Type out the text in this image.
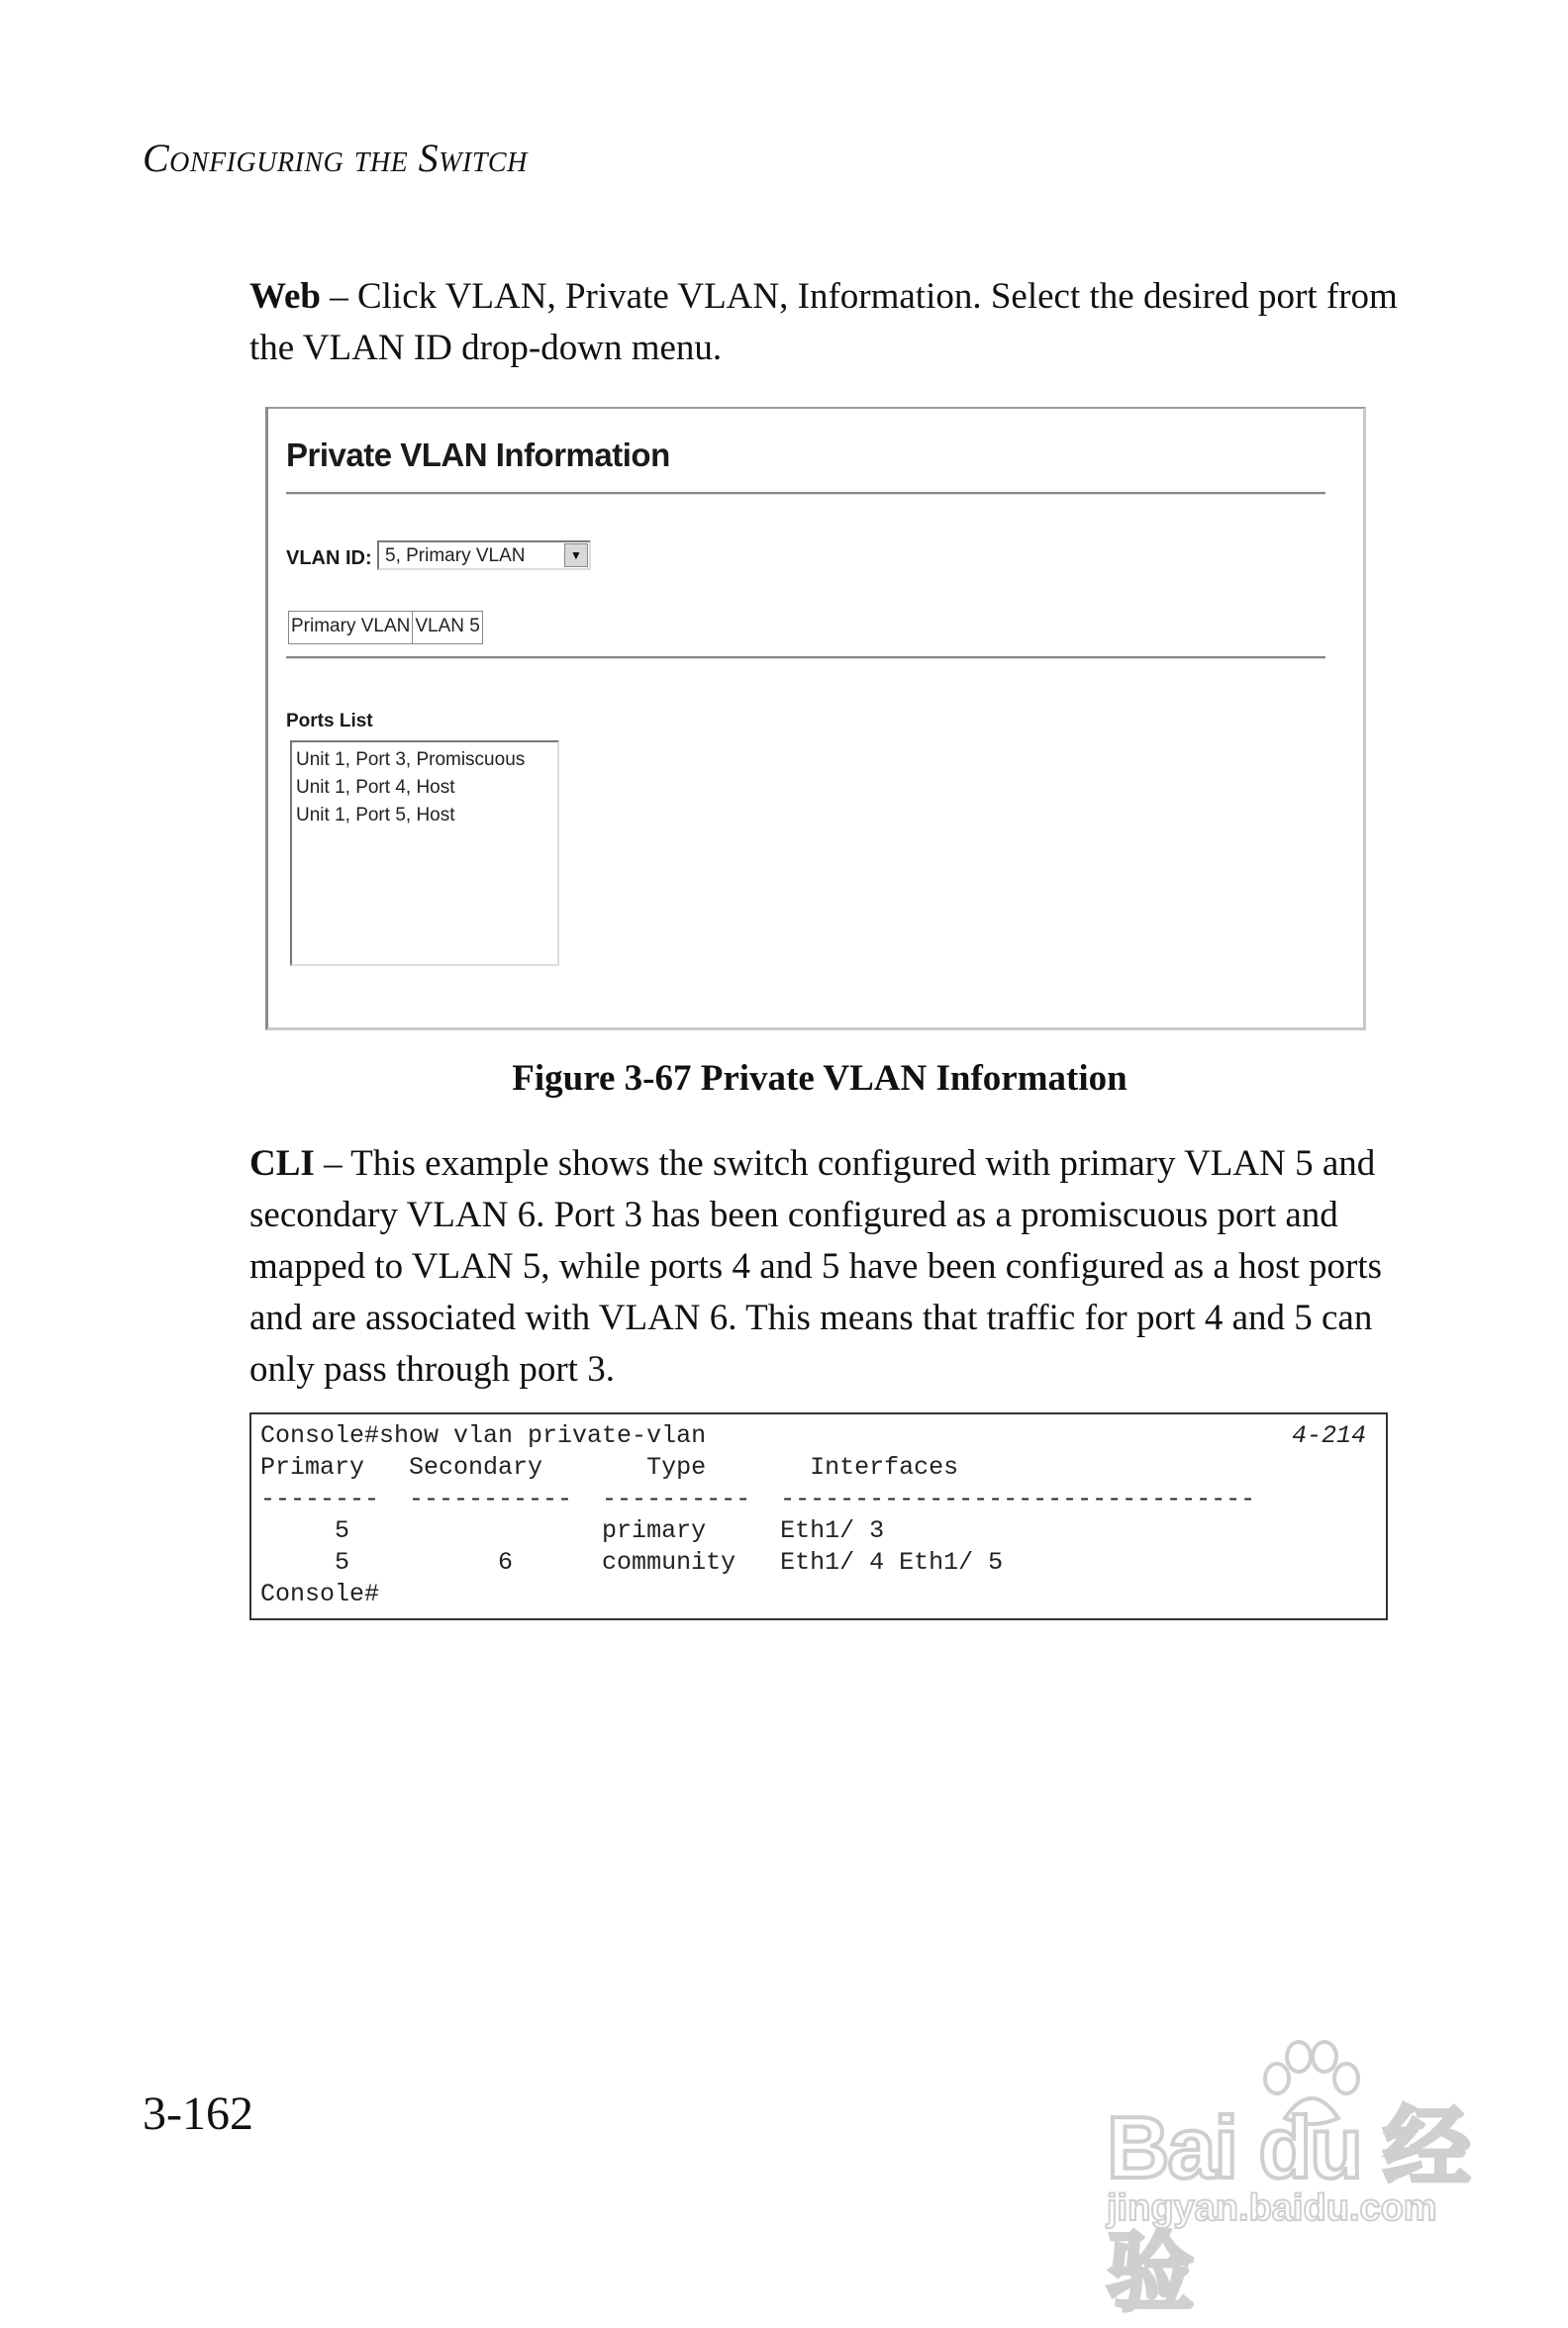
Configuring the Switch
Web – Click VLAN, Private VLAN, Information. Select the desired port from the VLAN ID drop-down menu.
Private VLAN Information
VLAN ID: 5, Primary VLAN	▼
Primary VLAN VLAN 5
Ports List
Unit 1, Port 3, Promiscuous
Unit 1, Port 4, Host
Unit 1, Port 5, Host
Figure 3-67 Private VLAN Information
CLI – This example shows the switch configured with primary VLAN 5 and secondary VLAN 6. Port 3 has been configured as a promiscuous port and mapped to VLAN 5, while ports 4 and 5 have been configured as a host ports and are associated with VLAN 6. This means that traffic for port 4 and 5 can only pass through port 3.
Console#show vlan private-vlan	4-214
Primary   Secondary       Type       Interfaces
--------  -----------  ----------  --------------------------------
5                 primary     Eth1/ 3
5          6      community   Eth1/ 4 Eth1/ 5
Console#
3-162	Bai du 经验
jingyan.baidu.com
